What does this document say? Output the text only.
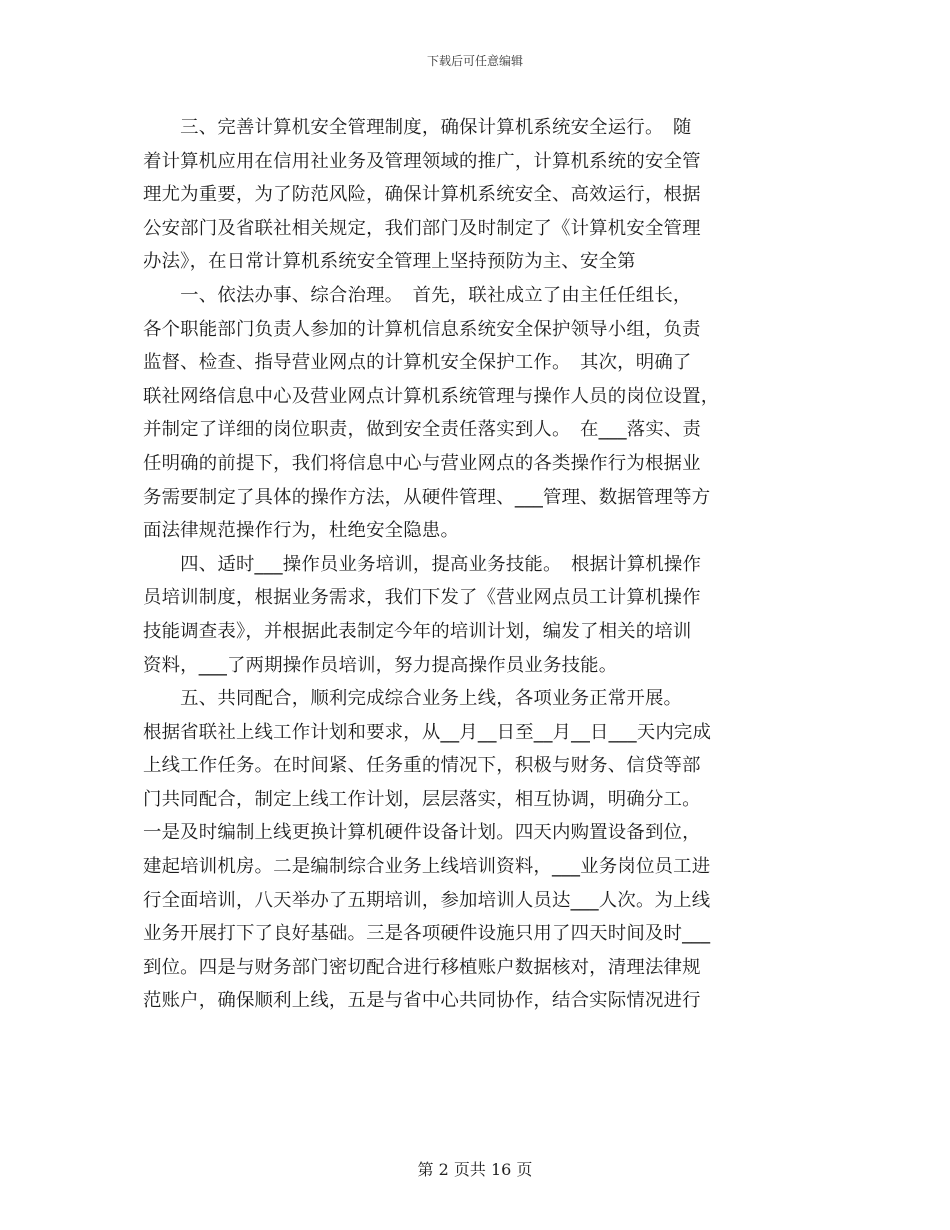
下载后可任意编辑
　　三、完善计算机安全管理制度，确保计算机系统安全运行。　随
着计算机应用在信用社业务及管理领域的推广，计算机系统的安全管
理尤为重要，为了防范风险，确保计算机系统安全、高效运行，根据
公安部门及省联社相关规定，我们部门及时制定了《计算机安全管理
办法》，在日常计算机系统安全管理上坚持预防为主、安全第
　　一、依法办事、综合治理。　首先，联社成立了由主任任组长，
各个职能部门负责人参加的计算机信息系统安全保护领导小组，负责
监督、检查、指导营业网点的计算机安全保护工作。　其次，明确了
联社网络信息中心及营业网点计算机系统管理与操作人员的岗位设置，
并制定了详细的岗位职责，做到安全责任落实到人。　在___落实、责
任明确的前提下，我们将信息中心与营业网点的各类操作行为根据业
务需要制定了具体的操作方法，从硬件管理、___管理、数据管理等方
面法律规范操作行为，杜绝安全隐患。
　　四、适时___操作员业务培训，提高业务技能。　根据计算机操作
员培训制度，根据业务需求，我们下发了《营业网点员工计算机操作
技能调查表》，并根据此表制定今年的培训计划，编发了相关的培训
资料，___了两期操作员培训，努力提高操作员业务技能。
　　五、共同配合，顺利完成综合业务上线，各项业务正常开展。
根据省联社上线工作计划和要求，从__月__日至__月__日___天内完成
上线工作任务。在时间紧、任务重的情况下，积极与财务、信贷等部
门共同配合，制定上线工作计划，层层落实，相互协调，明确分工。
一是及时编制上线更换计算机硬件设备计划。四天内购置设备到位，
建起培训机房。二是编制综合业务上线培训资料，___业务岗位员工进
行全面培训，八天举办了五期培训，参加培训人员达___人次。为上线
业务开展打下了良好基础。三是各项硬件设施只用了四天时间及时___
到位。四是与财务部门密切配合进行移植账户数据核对，清理法律规
范账户，确保顺利上线，五是与省中心共同协作，结合实际情况进行
第 2 页共 16 页
